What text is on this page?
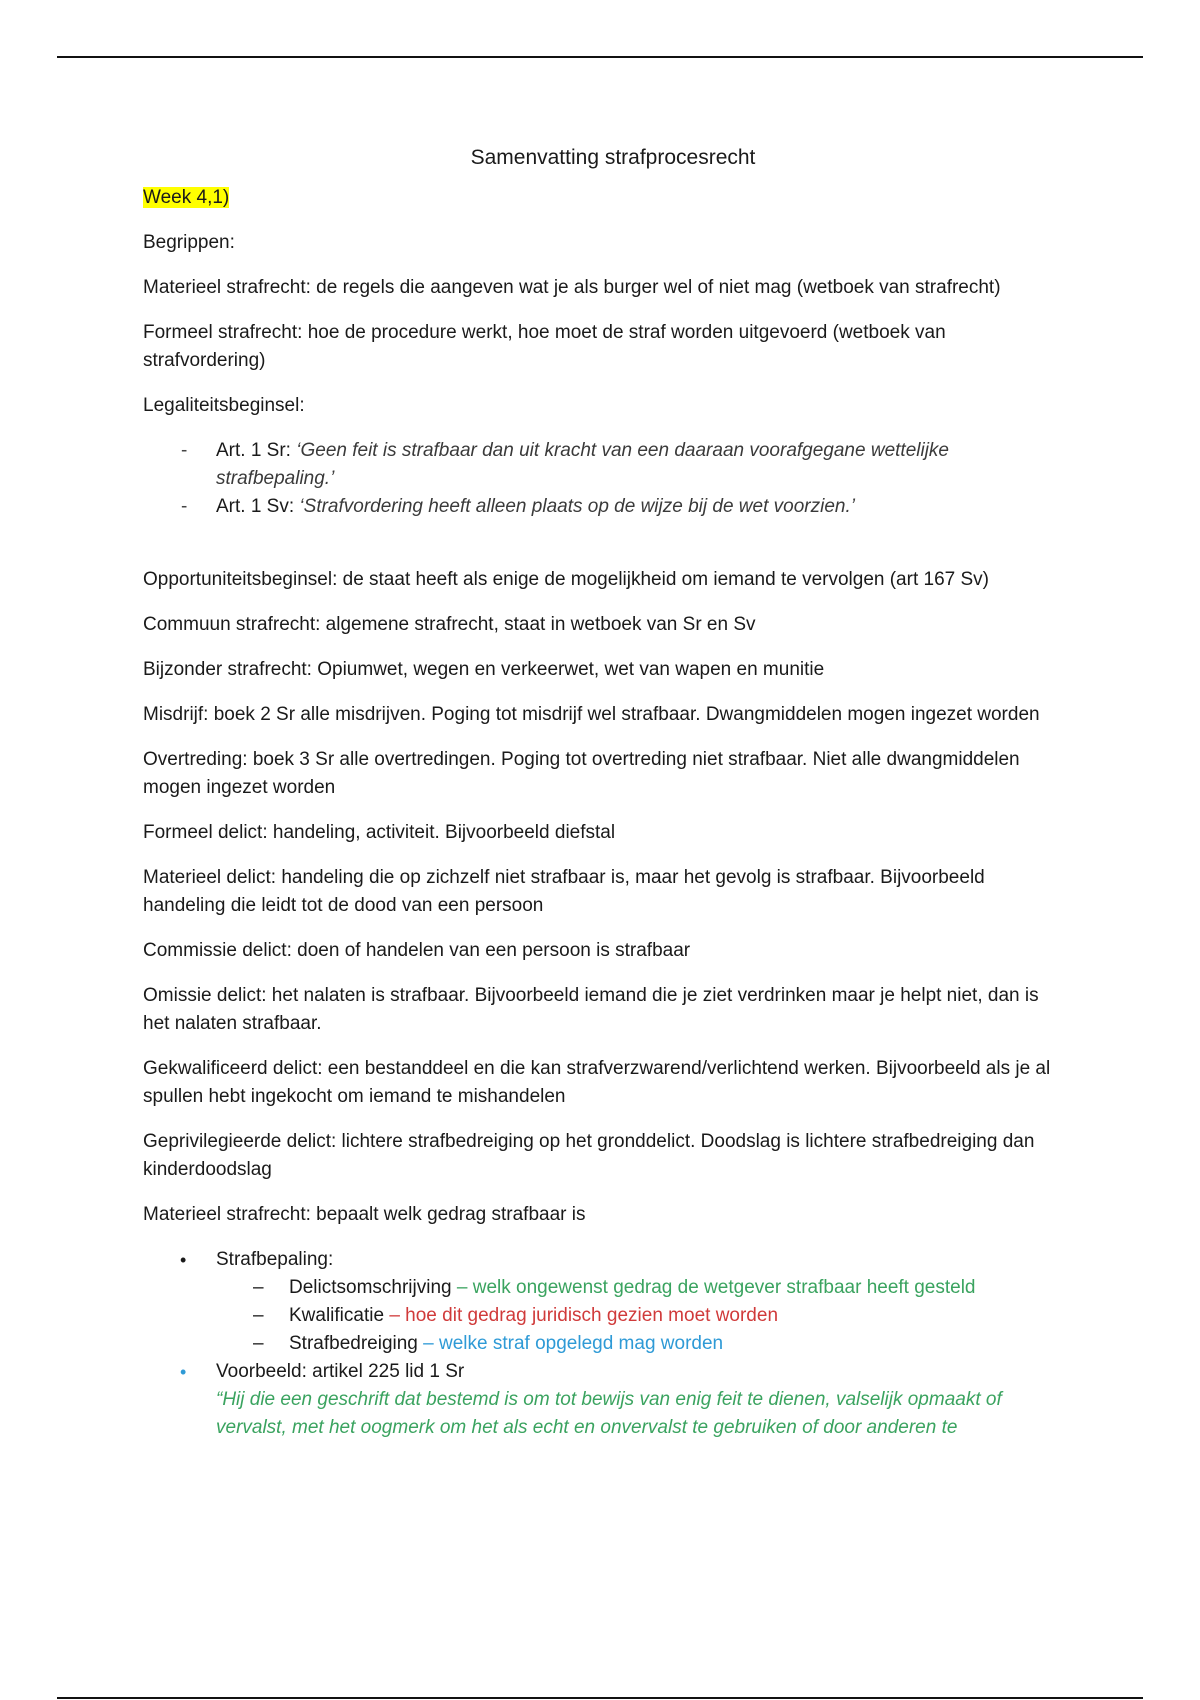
Samenvatting strafprocesrecht

Week 4,1)

Begrippen:

Materieel strafrecht: de regels die aangeven wat je als burger wel of niet mag (wetboek van strafrecht)

Formeel strafrecht: hoe de procedure werkt, hoe moet de straf worden uitgevoerd (wetboek van strafvordering)

Legaliteitsbeginsel:

- Art. 1 Sr: ‘Geen feit is strafbaar dan uit kracht van een daaraan voorafgegane wettelijke strafbepaling.’
- Art. 1 Sv: ‘Strafvordering heeft alleen plaats op de wijze bij de wet voorzien.’

Opportuniteitsbeginsel: de staat heeft als enige de mogelijkheid om iemand te vervolgen (art 167 Sv)

Commuun strafrecht: algemene strafrecht, staat in wetboek van Sr en Sv

Bijzonder strafrecht: Opiumwet, wegen en verkeerwet, wet van wapen en munitie

Misdrijf: boek 2 Sr alle misdrijven. Poging tot misdrijf wel strafbaar. Dwangmiddelen mogen ingezet worden

Overtreding: boek 3 Sr alle overtredingen. Poging tot overtreding niet strafbaar. Niet alle dwangmiddelen mogen ingezet worden

Formeel delict: handeling, activiteit. Bijvoorbeeld diefstal

Materieel delict: handeling die op zichzelf niet strafbaar is, maar het gevolg is strafbaar. Bijvoorbeeld handeling die leidt tot de dood van een persoon

Commissie delict: doen of handelen van een persoon is strafbaar

Omissie delict: het nalaten is strafbaar. Bijvoorbeeld iemand die je ziet verdrinken maar je helpt niet, dan is het nalaten strafbaar.

Gekwalificeerd delict: een bestanddeel en die kan strafverzwarend/verlichtend werken. Bijvoorbeeld als je al spullen hebt ingekocht om iemand te mishandelen

Geprivilegieerde delict: lichtere strafbedreiging op het gronddelict. Doodslag is lichtere strafbedreiging dan kinderdoodslag

Materieel strafrecht: bepaalt welk gedrag strafbaar is

• Strafbepaling:
– Delictsomschrijving – welk ongewenst gedrag de wetgever strafbaar heeft gesteld
– Kwalificatie – hoe dit gedrag juridisch gezien moet worden
– Strafbedreiging – welke straf opgelegd mag worden
• Voorbeeld: artikel 225 lid 1 Sr
“Hij die een geschrift dat bestemd is om tot bewijs van enig feit te dienen, valselijk opmaakt of vervalst, met het oogmerk om het als echt en onvervalst te gebruiken of door anderen te
